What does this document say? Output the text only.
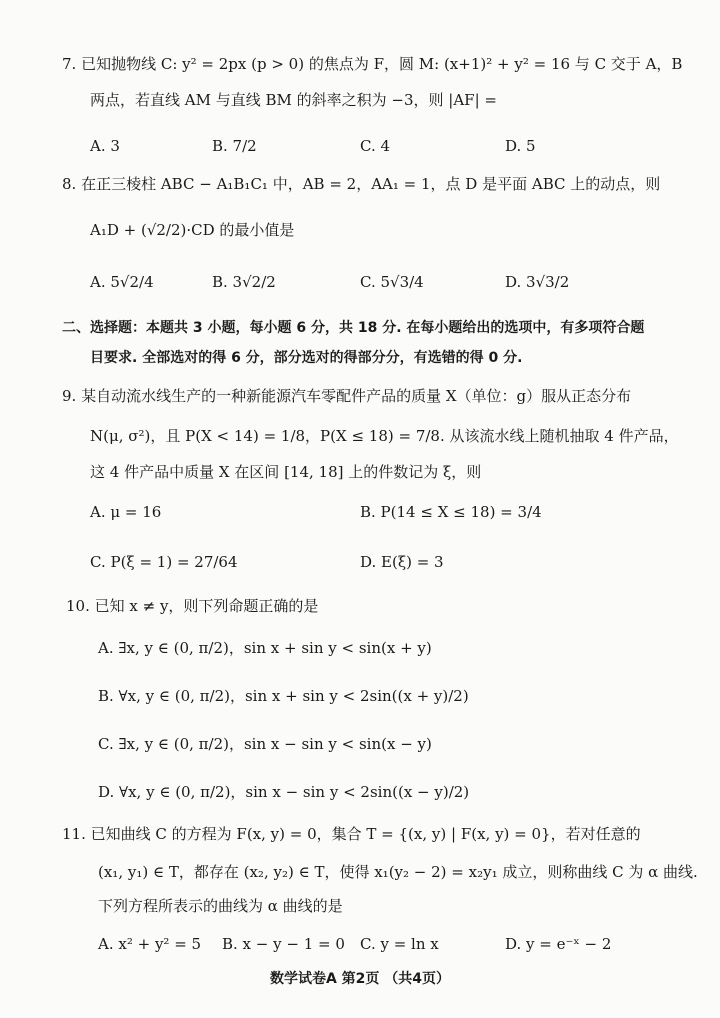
7. 已知抛物线 C: y² = 2px (p > 0) 的焦点为 F，圆 M: (x+1)² + y² = 16 与 C 交于 A，B
两点，若直线 AM 与直线 BM 的斜率之积为 −3，则 |AF| =
A. 3	B. 7/2	C. 4	D. 5
8. 在正三棱柱 ABC − A₁B₁C₁ 中，AB = 2，AA₁ = 1，点 D 是平面 ABC 上的动点，则
A₁D + (√2/2)·CD 的最小值是
A. 5√2/4	B. 3√2/2	C. 5√3/4	D. 3√3/2
二、选择题：本题共 3 小题，每小题 6 分，共 18 分. 在每小题给出的选项中，有多项符合题
目要求. 全部选对的得 6 分，部分选对的得部分分，有选错的得 0 分.
9. 某自动流水线生产的一种新能源汽车零配件产品的质量 X（单位：g）服从正态分布
N(μ, σ²)，且 P(X < 14) = 1/8，P(X ≤ 18) = 7/8. 从该流水线上随机抽取 4 件产品，
这 4 件产品中质量 X 在区间 [14, 18] 上的件数记为 ξ，则
A. μ = 16	B. P(14 ≤ X ≤ 18) = 3/4
C. P(ξ = 1) = 27/64	D. E(ξ) = 3
10. 已知 x ≠ y，则下列命题正确的是
A. ∃x, y ∈ (0, π/2)，sin x + sin y < sin(x + y)
B. ∀x, y ∈ (0, π/2)，sin x + sin y < 2sin((x + y)/2)
C. ∃x, y ∈ (0, π/2)，sin x − sin y < sin(x − y)
D. ∀x, y ∈ (0, π/2)，sin x − sin y < 2sin((x − y)/2)
11. 已知曲线 C 的方程为 F(x, y) = 0，集合 T = {(x, y) | F(x, y) = 0}，若对任意的
(x₁, y₁) ∈ T，都存在 (x₂, y₂) ∈ T，使得 x₁(y₂ − 2) = x₂y₁ 成立，则称曲线 C 为 α 曲线.
下列方程所表示的曲线为 α 曲线的是
A. x² + y² = 5 B. x − y − 1 = 0 C. y = ln x	D. y = e⁻ˣ − 2
数学试卷A 第2页 （共4页）
